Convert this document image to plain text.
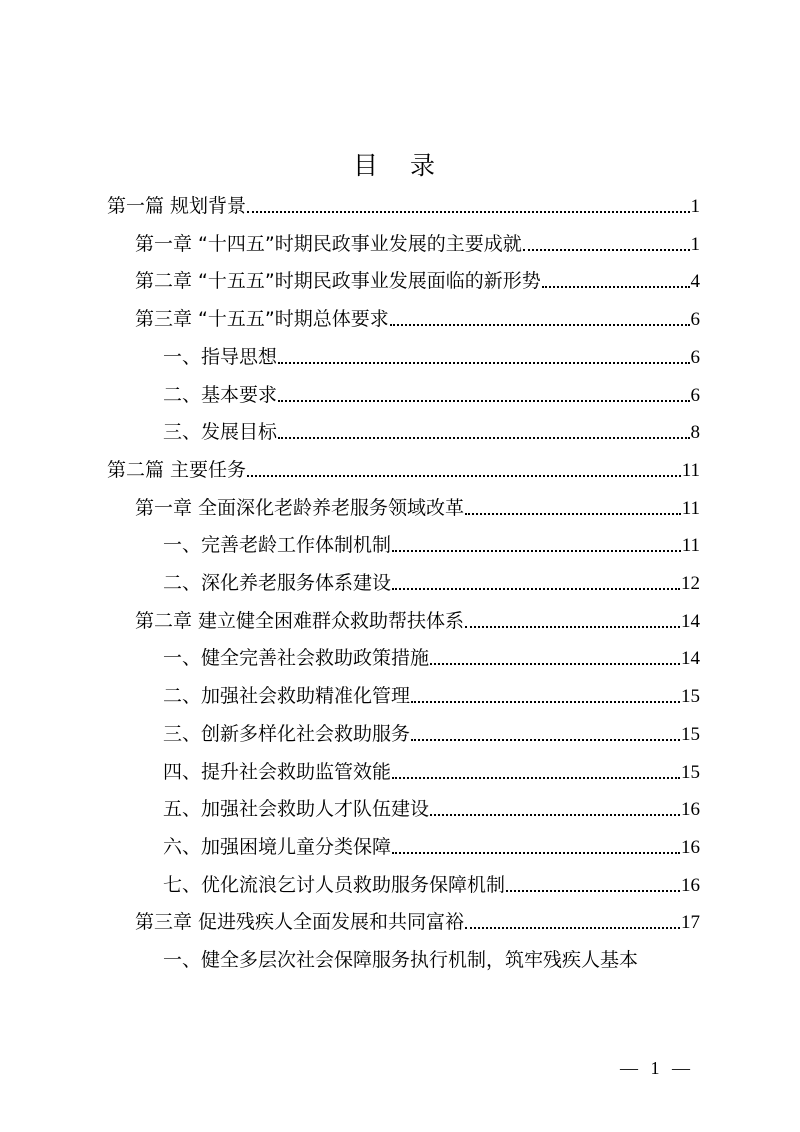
目 录
第一篇 规划背景	1
第一章 “十四五”时期民政事业发展的主要成就	1
第二章 “十五五”时期民政事业发展面临的新形势	4
第三章 “十五五”时期总体要求	6
一、指导思想	6
二、基本要求	6
三、发展目标	8
第二篇 主要任务	11
第一章 全面深化老龄养老服务领域改革	11
一、完善老龄工作体制机制	11
二、深化养老服务体系建设	12
第二章 建立健全困难群众救助帮扶体系	14
一、健全完善社会救助政策措施	14
二、加强社会救助精准化管理	15
三、创新多样化社会救助服务	15
四、提升社会救助监管效能	15
五、加强社会救助人才队伍建设	16
六、加强困境儿童分类保障	16
七、优化流浪乞讨人员救助服务保障机制	16
第三章 促进残疾人全面发展和共同富裕	17
一、健全多层次社会保障服务执行机制，筑牢残疾人基本
— 1 —
